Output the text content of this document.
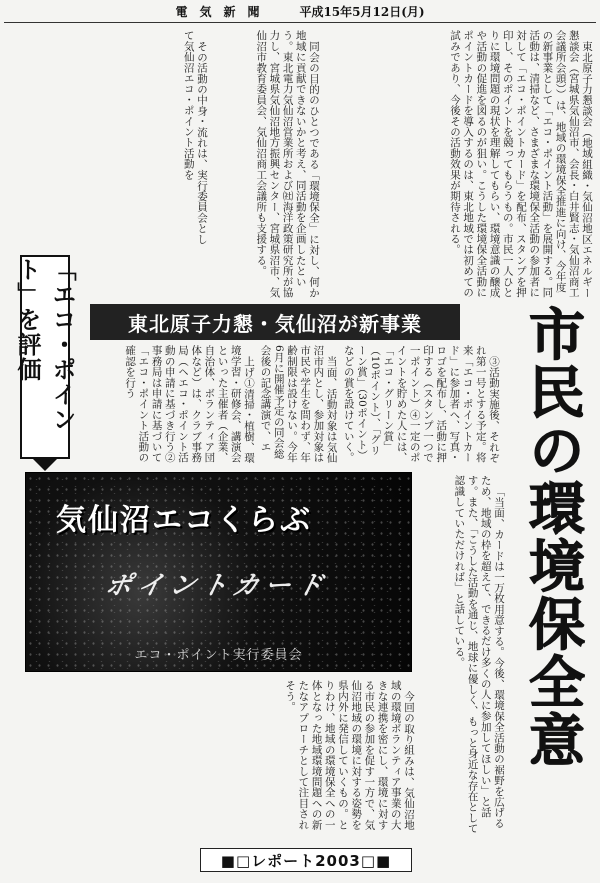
電　気　新　聞	平成15年5月12日(月)

東北原子力懇談会（地域組織・気仙沼地区エネルギー懇談会（宮城県気仙沼市、会長・白井賢志・気仙沼商工会議所会頭））は、地域の環境保全推進に向け、今年度の新事業として「エコ・ポイント活動」を展開する。同活動は、清掃など、さまざまな環境保全活動の参加者に対して「エコ・ポイントカード」を配布、スタンプを押印し、そのポイントを競ってもらうもの。市民一人ひとりに環境問題の現状を理解してもらい、環境意識の醸成や活動の促進を図るのが狙い。こうした環境保全活動にポイントカードを導入するのは、東北地域では初めての試みであり、今後その活動效果が期待される。

同会の目的のひとつである「環境保全」に対し、何か地域に貢献できないかと考え、同活動を企画したという。東北電力気仙沼営業所および㈳海洋政策研究所が協力し、宮城県気仙沼地方振興センター、宮城県沼市、気仙沼市教育委員会、気仙沼商工会議所も支援する。

その活動の中身・流れは、実行委員会として気仙沼エコ・ポイント活動を

市民の環境保全意
東北原子力懇・気仙沼が新事業

③活動実施後、それぞれ第一号とする予定。将来「エコ・ポイントカード」に参加者へ、写真・ロゴを配布し、活動に押印する（スタンプ一つで一ポイント）④一定のポイントを貯めた人には、「エコ・グリーン賞」（10ポイント）、「グリーン賞」（30ポイント）などの賞を設けていく。

当面、活動対象は気仙沼市内とし、参加対象は市民や学生を問わず、年齢制限は設けない。今年6月に開催予定の同会総会後の記念講演で、エ

上げ①清掃・植樹、環境学習・研修会、講演会といった主催者（企業、自治体、ボランティア団体など）は、クラブ事務局（ヘエコ・ポイント活動の申請に基づき行う②事務局は申請に基づいて「エコ・ポイント活動の確認を行う

「エコ・ポイント」を評価
気仙沼エコくらぶ
ポイントカード
エコ・ポイント実行委員会	「当面、カードは一万枚用意する。今後、環境保全活動の裾野を広げるため、地域の枠を超えて、できるだけ多くの人に参加してほしい」と話す。また、「こうした活動を通じ、地球に優しく、もっと身近な存在として認識していただければ」と話している。

今回の取り組みは、気仙沼地域の環境ボランティア事業の大きな連携を密にし、環境に対する市民の参加を促す一方で、気仙沼地域の環境に対する姿勢を県内外に発信していくもの。とりわけ、地域の環境保全への一体となった地域環境問題への新たなアプローチとして注目されそう。

■□レポート2003□■
